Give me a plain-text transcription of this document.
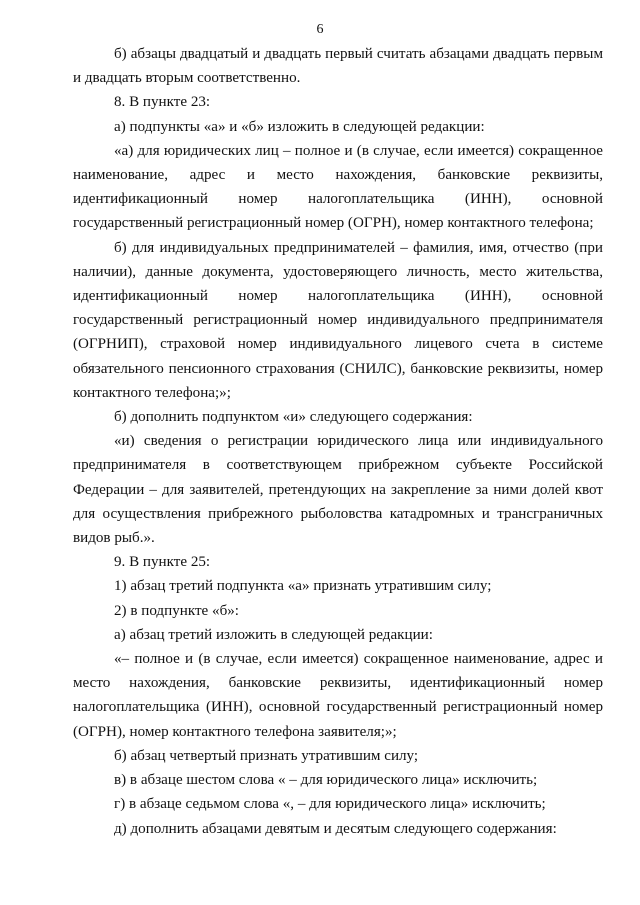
6

б) абзацы двадцатый и двадцать первый считать абзацами двадцать первым и двадцать вторым соответственно.

8. В пункте 23:

а) подпункты «а» и «б» изложить в следующей редакции:

«а) для юридических лиц – полное и (в случае, если имеется) сокращенное наименование, адрес и место нахождения, банковские реквизиты, идентификационный номер налогоплательщика (ИНН), основной государственный регистрационный номер (ОГРН), номер контактного телефона;

б) для индивидуальных предпринимателей – фамилия, имя, отчество (при наличии), данные документа, удостоверяющего личность, место жительства, идентификационный номер налогоплательщика (ИНН), основной государственный регистрационный номер индивидуального предпринимателя (ОГРНИП), страховой номер индивидуального лицевого счета в системе обязательного пенсионного страхования (СНИЛС), банковские реквизиты, номер контактного телефона;»;

б) дополнить подпунктом «и» следующего содержания:

«и) сведения о регистрации юридического лица или индивидуального предпринимателя в соответствующем прибрежном субъекте Российской Федерации – для заявителей, претендующих на закрепление за ними долей квот для осуществления прибрежного рыболовства катадромных и трансграничных видов рыб.».

9. В пункте 25:

1) абзац третий подпункта «а» признать утратившим силу;

2) в подпункте «б»:

а) абзац третий изложить в следующей редакции:

«– полное и (в случае, если имеется) сокращенное наименование, адрес и место нахождения, банковские реквизиты, идентификационный номер налогоплательщика (ИНН), основной государственный регистрационный номер (ОГРН), номер контактного телефона заявителя;»;

б) абзац четвертый признать утратившим силу;

в) в абзаце шестом слова « – для юридического лица» исключить;

г) в абзаце седьмом слова «, – для юридического лица» исключить;

д) дополнить абзацами девятым и десятым следующего содержания:
